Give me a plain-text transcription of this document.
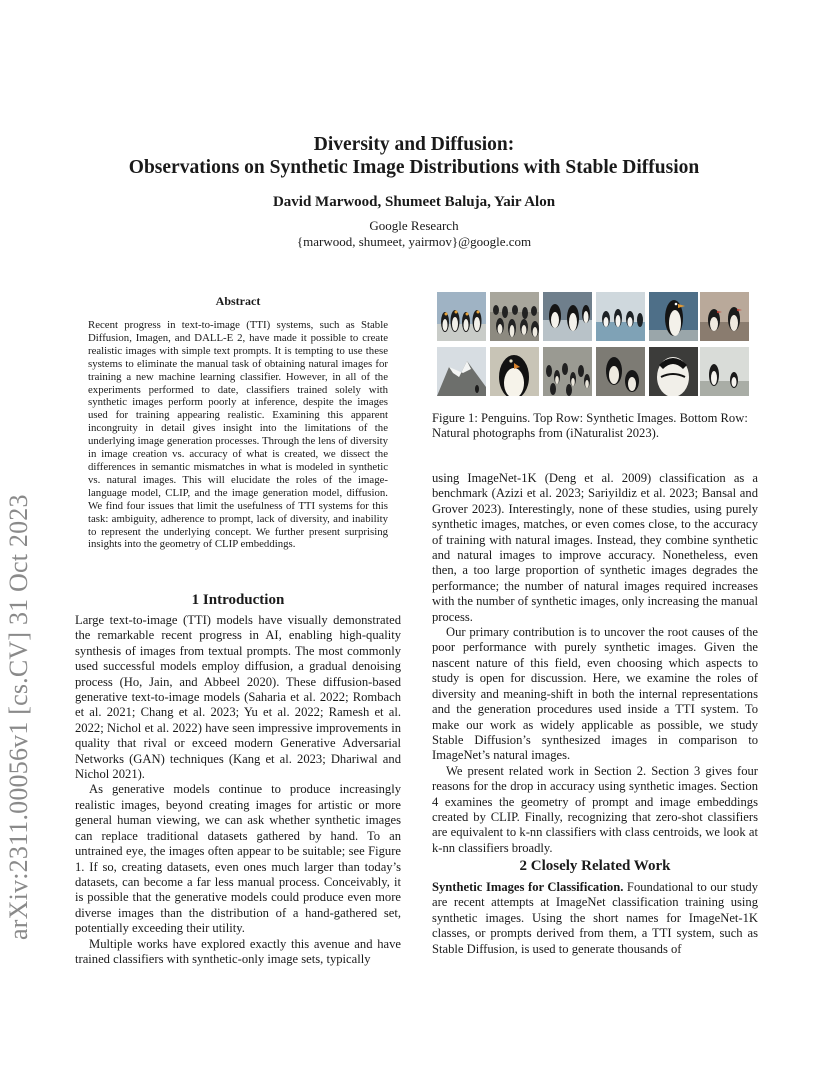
arXiv:2311.00056v1 [cs.CV] 31 Oct 2023
Diversity and Diffusion:
Observations on Synthetic Image Distributions with Stable Diffusion
David Marwood, Shumeet Baluja, Yair Alon
Google Research
{marwood, shumeet, yairmov}@google.com
Abstract
Recent progress in text-to-image (TTI) systems, such as Stable Diffusion, Imagen, and DALL-E 2, have made it possible to create realistic images with simple text prompts. It is tempting to use these systems to eliminate the manual task of obtaining natural images for training a new machine learning classifier. However, in all of the experiments performed to date, classifiers trained solely with synthetic images perform poorly at inference, despite the images used for training appearing realistic. Examining this apparent incongruity in detail gives insight into the limitations of the underlying image generation processes. Through the lens of diversity in image creation vs. accuracy of what is created, we dissect the differences in semantic mismatches in what is modeled in synthetic vs. natural images. This will elucidate the roles of the image-language model, CLIP, and the image generation model, diffusion. We find four issues that limit the usefulness of TTI systems for this task: ambiguity, adherence to prompt, lack of diversity, and inability to represent the underlying concept. We further present surprising insights into the geometry of CLIP embeddings.
1 Introduction

Large text-to-image (TTI) models have visually demonstrated the remarkable recent progress in AI, enabling high-quality synthesis of images from textual prompts. The most commonly used successful models employ diffusion, a gradual denoising process (Ho, Jain, and Abbeel 2020). These diffusion-based generative text-to-image models (Saharia et al. 2022; Rombach et al. 2021; Chang et al. 2023; Yu et al. 2022; Ramesh et al. 2022; Nichol et al. 2022) have seen impressive improvements in quality that rival or exceed modern Generative Adversarial Networks (GAN) techniques (Kang et al. 2023; Dhariwal and Nichol 2021).

As generative models continue to produce increasingly realistic images, beyond creating images for artistic or more general human viewing, we can ask whether synthetic images can replace traditional datasets gathered by hand. To an untrained eye, the images often appear to be suitable; see Figure 1. If so, creating datasets, even ones much larger than today’s datasets, can become a far less manual process. Conceivably, it is possible that the generative models could produce even more diverse images than the distribution of a hand-gathered set, potentially exceeding their utility.

Multiple works have explored exactly this avenue and have trained classifiers with synthetic-only image sets, typically

Figure 1: Penguins. Top Row: Synthetic Images. Bottom Row: Natural photographs from (iNaturalist 2023).

using ImageNet-1K (Deng et al. 2009) classification as a benchmark (Azizi et al. 2023; Sariyildiz et al. 2023; Bansal and Grover 2023). Interestingly, none of these studies, using purely synthetic images, matches, or even comes close, to the accuracy of training with natural images. Instead, they combine synthetic and natural images to improve accuracy. Nonetheless, even then, a too large proportion of synthetic images degrades the performance; the number of natural images required increases with the number of synthetic images, only increasing the manual process.

Our primary contribution is to uncover the root causes of the poor performance with purely synthetic images. Given the nascent nature of this field, even choosing which aspects to study is open for discussion. Here, we examine the roles of diversity and meaning-shift in both the internal representations and the generation procedures used inside a TTI system. To make our work as widely applicable as possible, we study Stable Diffusion’s synthesized images in comparison to ImageNet’s natural images.

We present related work in Section 2. Section 3 gives four reasons for the drop in accuracy using synthetic images. Section 4 examines the geometry of prompt and image embeddings created by CLIP. Finally, recognizing that zero-shot classifiers are equivalent to k-nn classifiers with class centroids, we look at k-nn classifiers broadly.

2 Closely Related Work

Synthetic Images for Classification. Foundational to our study are recent attempts at ImageNet classification training using synthetic images. Using the short names for ImageNet-1K classes, or prompts derived from them, a TTI system, such as Stable Diffusion, is used to generate thousands of
